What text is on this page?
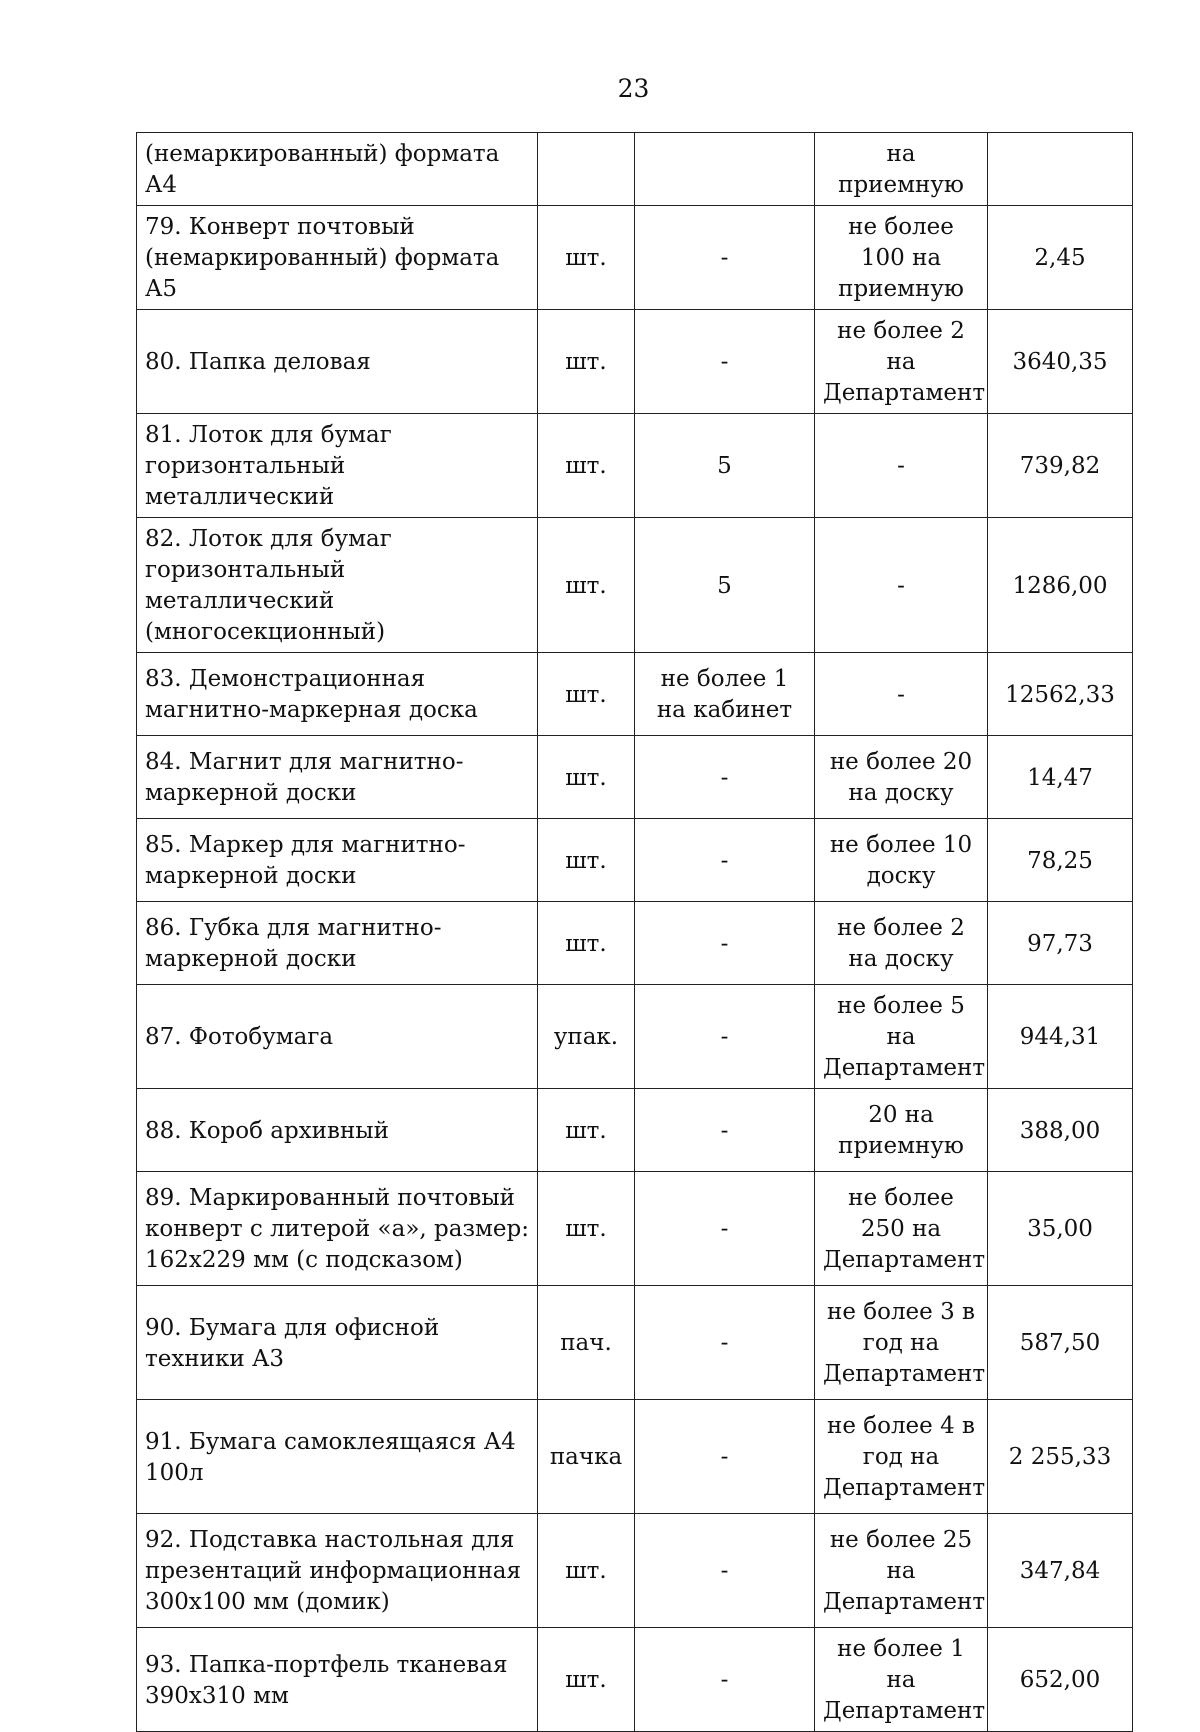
23
(немаркированный) формата А4			на приемную	
79. Конверт почтовый (немаркированный) формата А5	шт.	-	не более 100 на приемную	2,45
80. Папка деловая	шт.	-	не более 2 на Департамент	3640,35
81. Лоток для бумаг горизонтальный металлический	шт.	5	-	739,82
82. Лоток для бумаг горизонтальный металлический (многосекционный)	шт.	5	-	1286,00
83. Демонстрационная магнитно-маркерная доска	шт.	не более 1 на кабинет	-	12562,33
84. Магнит для магнитно-маркерной доски	шт.	-	не более 20 на доску	14,47
85. Маркер для магнитно-маркерной доски	шт.	-	не более 10 доску	78,25
86. Губка для магнитно-маркерной доски	шт.	-	не более 2 на доску	97,73
87. Фотобумага	упак.	-	не более 5 на Департамент	944,31
88. Короб архивный	шт.	-	20 на приемную	388,00
89. Маркированный почтовый конверт с литерой «а», размер: 162х229 мм (с подсказом)	шт.	-	не более 250 на Департамент	35,00
90. Бумага для офисной техники А3	пач.	-	не более 3 в год на Департамент	587,50
91. Бумага самоклеящаяся А4 100л	пачка	-	не более 4 в год на Департамент	2 255,33
92. Подставка настольная для презентаций информационная 300х100 мм (домик)	шт.	-	не более 25 на Департамент	347,84
93. Папка-портфель тканевая 390х310 мм	шт.	-	не более 1 на Департамент	652,00
